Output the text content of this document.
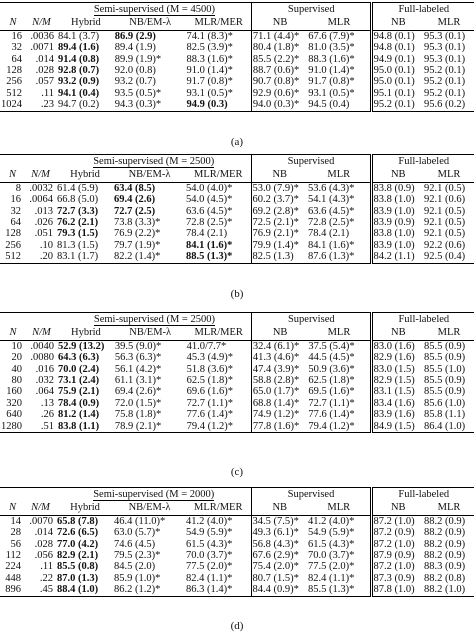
		Semi-supervised (M = 4500)			Supervised		Full-labeled	
N	N/M	Hybrid	NB/EM-λ	MLR/MER	NB	MLR	NB	MLR
16	.0036	84.1 (3.7)	86.9 (2.9)	74.1 (8.3)*	71.1 (4.4)*	67.6 (7.9)*	94.8 (0.1)	95.3 (0.1)
32	.0071	89.4 (1.6)	89.4 (1.9)	82.5 (3.9)*	80.4 (1.8)*	81.0 (3.5)*	94.8 (0.1)	95.3 (0.1)
64	.014	91.4 (0.8)	89.9 (1.9)*	88.3 (1.6)*	85.5 (2.2)*	88.3 (1.6)*	94.9 (0.1)	95.3 (0.1)
128	.028	92.8 (0.7)	92.0 (0.8)	91.0 (1.4)*	88.7 (0.6)*	91.0 (1.4)*	95.0 (0.1)	95.2 (0.1)
256	.057	93.2 (0.9)	93.2 (0.7)	91.7 (0.8)*	90.7 (0.8)*	91.7 (0.8)*	95.0 (0.1)	95.2 (0.1)
512	.11	94.1 (0.4)	93.5 (0.5)*	93.1 (0.5)*	92.9 (0.6)*	93.1 (0.5)*	95.1 (0.1)	95.2 (0.1)
1024	.23	94.7 (0.2)	94.3 (0.3)*	94.9 (0.3)	94.0 (0.3)*	94.5 (0.4)	95.2 (0.1)	95.6 (0.2)
(a)
		Semi-supervised (M = 2500)			Supervised		Full-labeled	
N	N/M	Hybrid	NB/EM-λ	MLR/MER	NB	MLR	NB	MLR
8	.0032	61.4 (5.9)	63.4 (8.5)	54.0 (4.0)*	53.0 (7.9)*	53.6 (4.3)*	83.8 (0.9)	92.1 (0.5)
16	.0064	66.8 (5.0)	69.4 (2.6)	54.0 (4.5)*	60.2 (3.7)*	54.1 (4.3)*	83.8 (1.0)	92.1 (0.6)
32	.013	72.7 (3.3)	72.7 (2.5)	63.6 (4.5)*	69.2 (2.8)*	63.6 (4.5)*	83.9 (1.0)	92.1 (0.5)
64	.026	76.2 (2.1)	73.8 (3.3)*	72.8 (2.5)*	72.5 (2.1)*	72.8 (2.5)*	83.9 (0.9)	92.1 (0.5)
128	.051	79.3 (1.5)	76.9 (2.2)*	78.4 (2.1)	76.9 (2.1)*	78.4 (2.1)	83.8 (1.0)	92.1 (0.5)
256	.10	81.3 (1.5)	79.7 (1.9)*	84.1 (1.6)*	79.9 (1.4)*	84.1 (1.6)*	83.9 (1.0)	92.2 (0.6)
512	.20	83.1 (1.7)	82.2 (1.4)*	88.5 (1.3)*	82.5 (1.3)	87.6 (1.3)*	84.2 (1.1)	92.5 (0.4)
(b)
		Semi-supervised (M = 2500)			Supervised		Full-labeled	
N	N/M	Hybrid	NB/EM-λ	MLR/MER	NB	MLR	NB	MLR
10	.0040	52.9 (13.2)	39.5 (9.0)*	41.0/7.7*	32.4 (6.1)*	37.5 (5.4)*	83.0 (1.6)	85.5 (0.9)
20	.0080	64.3 (6.3)	56.3 (6.3)*	45.3 (4.9)*	41.3 (4.6)*	44.5 (4.5)*	82.9 (1.6)	85.5 (0.9)
40	.016	70.0 (2.4)	56.1 (4.2)*	51.8 (3.6)*	47.4 (3.9)*	50.9 (3.6)*	83.0 (1.5)	85.5 (1.0)
80	.032	73.1 (2.4)	61.1 (3.1)*	62.5 (1.8)*	58.8 (2.8)*	62.5 (1.8)*	82.9 (1.5)	85.5 (0.9)
160	.064	75.9 (2.1)	69.4 (2.6)*	69.6 (1.6)*	65.0 (1.7)*	69.5 (1.6)*	83.1 (1.5)	85.5 (0.9)
320	.13	78.4 (0.9)	72.0 (1.5)*	72.7 (1.1)*	68.8 (1.4)*	72.7 (1.1)*	83.4 (1.6)	85.6 (1.0)
640	.26	81.2 (1.4)	75.8 (1.8)*	77.6 (1.4)*	74.9 (1.2)*	77.6 (1.4)*	83.9 (1.6)	85.8 (1.1)
1280	.51	83.8 (1.1)	78.9 (2.1)*	79.4 (1.2)*	77.8 (1.6)*	79.4 (1.2)*	84.9 (1.5)	86.4 (1.0)
(c)
		Semi-supervised (M = 2000)			Supervised		Full-labeled	
N	N/M	Hybrid	NB/EM-λ	MLR/MER	NB	MLR	NB	MLR
14	.0070	65.8 (7.8)	46.4 (11.0)*	41.2 (4.0)*	34.5 (7.5)*	41.2 (4.0)*	87.2 (1.0)	88.2 (0.9)
28	.014	72.6 (6.5)	63.0 (5.7)*	54.9 (5.9)*	49.3 (6.1)*	54.9 (5.9)*	87.2 (0.9)	88.2 (0.9)
56	.028	77.0 (4.2)	74.6 (4.5)	61.5 (4.3)*	56.8 (4.3)*	61.5 (4.3)*	87.2 (1.0)	88.2 (0.9)
112	.056	82.9 (2.1)	79.5 (2.3)*	70.0 (3.7)*	67.6 (2.9)*	70.0 (3.7)*	87.9 (0.9)	88.2 (0.9)
224	.11	85.5 (0.8)	84.5 (2.0)	77.5 (2.0)*	75.4 (2.0)*	77.5 (2.0)*	87.2 (1.0)	88.3 (0.9)
448	.22	87.0 (1.3)	85.9 (1.0)*	82.4 (1.1)*	80.7 (1.5)*	82.4 (1.1)*	87.3 (0.9)	88.2 (0.8)
896	.45	88.4 (1.0)	86.2 (1.2)*	86.3 (1.4)*	84.4 (0.9)*	85.5 (1.3)*	87.8 (1.0)	88.2 (1.0)
(d)
